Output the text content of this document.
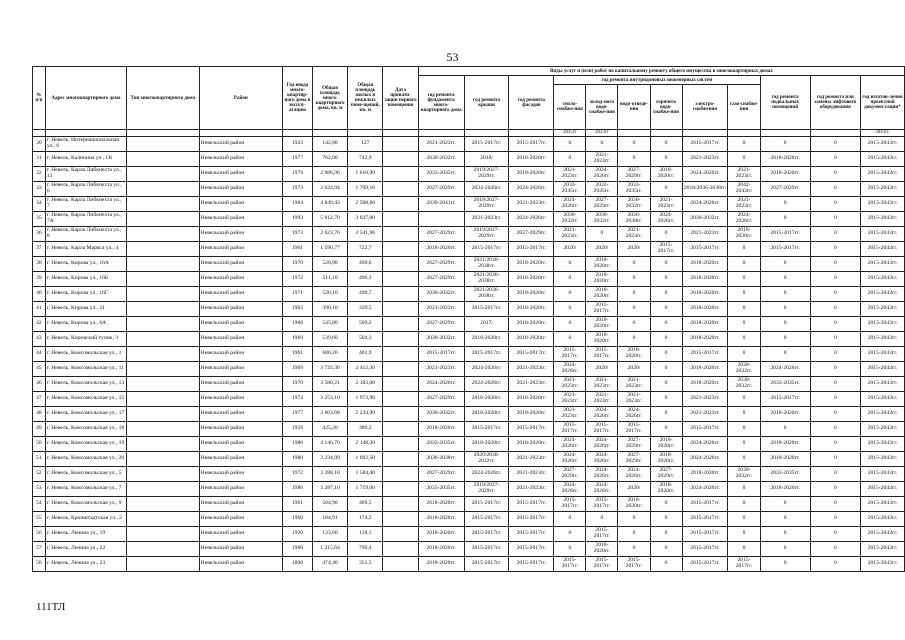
53
№ п/п	Адрес многоквартирного дома	Тип многоквартирного дома	Район	Год ввода много-квартир-ного дома в эксплу-атацию	Общая площадь много-квартирного дома, кв. м	Общая площадь жилых и нежилых поме-щений, кв. м	Дата привати-зации первого помещения	Виды услуг и (или) работ по капитальному ремонту общего имущества в многоквартирных домах											
								год ремонта фундамента много-квартирного дома	год ремонта крыши	год ремонта фасадов	год ремонта внутридомовых инженерных систем						год ремонта подвальных помещений	год ремонта или замены лифтового оборудования	год изготов-ления проектной докумен-тации*
											тепло-снабже-ния	холод-ного водо-снабже-ния	водо-отведе-ния	горячего водо-снабже-ния	электро-снабжения	газо-снабже-ния			
											2035гг	2023гг							2043гг.
30	г. Невель, Интернациональная ул., 6		Невельский район	1923	142,80	127		2021-2023гг.	2015-2017гг.	2015-2017гг.	0	0	0	0	2015-2017гг.	0	0	0	2015-2043гг.
31	г. Невель, Калинина ул., 1В		Невельский район	1977	762,00	742,9		2030-2032гг.	2018/	2018-2020гг.	0	2021-2023гг.	0	0	2021-2023гг.	0	2018-2020гг.	0	2015-2043гг.
32	г. Невель, Карла Либкнехта ул., 13		Невельский район	1979	2 986,96	1 610,90		2033-2035гг.	2019/2027-2029гг.	2018-2020гг.	2021-2023гг.	2024-2026гг.	2027-2029гг.	2018-2020гг.	2024-2026гг.	2021-2023гг.	2018-2020гг.	0	2015-2043гг.
33	г. Невель, Карла Либкнехта ул., 6		Невельский район	1973	2 624,94	1 709,10		2027-2029гг.	2024-2026гг.	2024-2026гг.	2033-2035гг.	2033-2035гг.	2033-2035гг.	0	2018/2036-2038гг.	2042-2043гг.	2027-2029гг.	0	2015-2043гг.
34	г. Невель, Карла Либкнехта ул., 7		Невельский район	1984	4 849,43	2 508,80		2039-2041гг.	2018/2027-2029гг.	2021-2023гг.	2024-2026гг.	2027-2029гг.	2030-2032гг.	2021-2023гг.	2024-2026гг.	2021-2023гг.	0	0	2015-2043гг.
35	г. Невель, Карла Либкнехта ул., 7А		Невельский район	1993	5 812,70	3 037,00			2021-2023гг.	2024-2026гг.	2030-2032гг.	2030-2032гг.	2036-2038гг.	2024-2026гг.	2030-2032гг.	2024-2026гг.	0	0	2015-2043гг.
36	г. Невель, Карла Либкнехта ул., 8		Невельский район	1973	2 623,76	2 541,96		2027-2029гг.	2019/2027-2029гг.	2027-2029гг.	2021-2023гг.	0	2021-2023гг.	0	2021-2023гг.	2018-2020гг.	2015-2017гг.	0	2015-2043гг.
37	г. Невель, Карла Маркса ул., 4		Невельский район	1961	1 590,77	722,7		2018-2020гг.	2015-2017гг.	2015-2017гг.	2020/	2020/	2020/	2015-2017гг.	2015-2017гг.	0	2015-2017гг.	0	2015-2043гг.
38	г. Невель, Кирова ул., 16А		Невельский район	1970	526,90	490,6		2027-2029гг.	2021/2036-2038гг.	2018-2020гг.	0	2018-2020гг.	0	0	2018-2020гг.	0	0	0	2015-2043гг.
39	г. Невель, Кирова ул., 16Б		Невельский район	1972	511,10	496,3		2027-2029гг.	2021/2036-2038гг.	2018-2020гг.	0	2018-2020гг.	0	0	2018-2020гг.	0	0	0	2015-2043гг.
40	г. Невель, Кирова ул., 16Г		Невельский район	1971	526,10	490,7		2030-2032гг.	2021/2036-2038гг.	2018-2020гг.	0	2018-2020гг.	0	0	2018-2020гг.	0	0	0	2015-2043гг.
41	г. Невель, Кирова ул., 21		Невельский район	1962	390,10	339,5		2021-2023гг.	2015-2017гг.	2018-2020гг.	0	2015-2017гг.	0	0	2018-2020гг.	0	0	0	2015-2043гг.
42	г. Невель, Кирова ул., 6А		Невельский район	1966	545,80	509,2		2027-2029гг.	2017/	2018-2020гг.	0	2018-2020гг.	0	0	2018-2020гг.	0	0	0	2015-2043гг.
43	г. Невель, Кировский тупик, 3		Невельский район	1969	539,60	504,3		2030-2032гг.	2018-2020гг.	2018-2020гг.	0	2018-2020гг.	0	0	2018-2020гг.	0	0	0	2015-2043гг.
44	г. Невель, Комсомольская ул., 1		Невельский район	1961	680,20	401,9		2015-2017гг.	2015-2017гг.	2015-2017гг.	2015-2017гг.	2015-2017гг.	2018-2020гг.	0	2015-2017гг.	0	0	0	2015-2043гг.
45	г. Невель, Комсомольская ул., 11		Невельский район	1969	3 723,30	2 412,30		2021-2023гг.	2024-2026гг.	2021-2023гг.	2024-2026гг.	2020/	2020/	0	2018-2020гг.	2030-2032гг.	2024-2026гг.	0	2015-2043гг.
46	г. Невель, Комсомольская ул., 13		Невельский район	1970	3 580,21	2 183,00		2024-2026гг.	2024-2026гг.	2021-2023гг.	2021-2023гг.	2021-2023гг.	2021-2023гг.	0	2018-2020гг.	2030-2032гг.	2033-2035гг.	0	2015-2043гг.
47	г. Невель, Комсомольская ул., 15		Невельский район	1974	3 253,10	1 973,90		2027-2029гг.	2018-2020гг.	2018-2020гг.	2021-2023гг.	2021-2023гг.	2021-2023гг.	0	2021-2023гг.	0	2015-2017гг.	0	2015-2043гг.
48	г. Невель, Комсомольская ул., 17		Невельский район	1977	3 603,68	2 234,90		2030-2032гг.	2018-2020гг.	2018-2020гг.	2021-2023гг.	2024-2026гг.	2024-2026гг.	0	2021-2023гг.	0	2018-2020гг.	0	2015-2043гг.
49	г. Невель, Комсомольская ул., 18		Невельский район	1958	425,20	389,2		2018-2020гг.	2015-2017гг.	2015-2017гг.	2015-2017гг.	2015-2017гг.	2015-2017гг.	0	2015-2017гг.	0	0	0	2015-2043гг.
50	г. Невель, Комсомольская ул., 19		Невельский район	1980	4 146,70	2 148,30		2033-2035гг.	2018-2020гг.	2018-2020гг.	2024-2026гг.	2024-2026гг.	2027-2029гг.	2018-2020гг.	2024-2026гг.	0	2018-2020гг.	0	2015-2043гг.
51	г. Невель, Комсомольская ул., 20		Невельский район	1980	3 234,99	1 692,50		2036-2038гг.	2020/2030-2032гг.	2021-2023гг.	2024-2026гг.	2024-2026гг.	2027-2029гг.	2018-2020гг.	2024-2026гг.	0	2018-2020гг.	0	2015-2043гг.
52	г. Невель, Комсомольская ул., 5		Невельский район	1972	3 288,10	1 584,40		2027-2029гг.	2024-2026гг.	2021-2023гг.	2027-2029гг.	2024-2026гг.	2024-2026гг.	2027-2029гг.	2018-2020гг.	2030-2032гг.	2033-2035гг.	0	2015-2043гг.
53	г. Невель, Комсомольская ул., 7		Невельский район	1980	3 287,10	1 719,00		2033-2035гг.	2019/2027-2029гг.	2021-2023гг.	2024-2026гг.	2024-2026гг.	2020/	2018-2020гг.	2024-2026гг.	0	2018-2020гг.	0	2015-2043гг.
54	г. Невель, Комсомольская ул., 9		Невельский район	1961	504,90	469,5		2018-2020гг.	2015-2017гг.	2015-2017гг.	2015-2017гг.	2015-2017гг.	2018-2020гг.	0	2015-2017гг.	0	0	0	2015-2043гг.
55	г. Невель, Кронштадтская ул., 2		Невельский район	1960	184,91	174,2		2018-2020гг.	2015-2017гг.	2015-2017гг.	0	0	0	0	2015-2017гг.	0	0	0	2015-2043гг.
56	г. Невель, Ленина ул., 19		Невельский район	1920	133,60	118,1		2018-2020гг.	2015-2017гг.	2015-2017гг.	0	2015-2017гг.	0	0	2015-2017гг.	0	0	0	2015-2043гг.
57	г. Невель, Ленина ул., 22		Невельский район	1960	1 215,64	790,4		2018-2020гг.	2015-2017гг.	2015-2017гг.	0	2018-2020гг.	0	0	2015-2017гг.	0	0	0	2015-2043гг.
58	г. Невель, Ленина ул., 23		Невельский район	1890	474,40	351,5		2018-2020гг.	2015-2017гг.	2015-2017гг.	2015-2017гг.	2015-2017гг.	2015-2017гг.	0	2015-2017гг.	2015-2017гг.	0	0	2015-2043гг.
111ТЛ
